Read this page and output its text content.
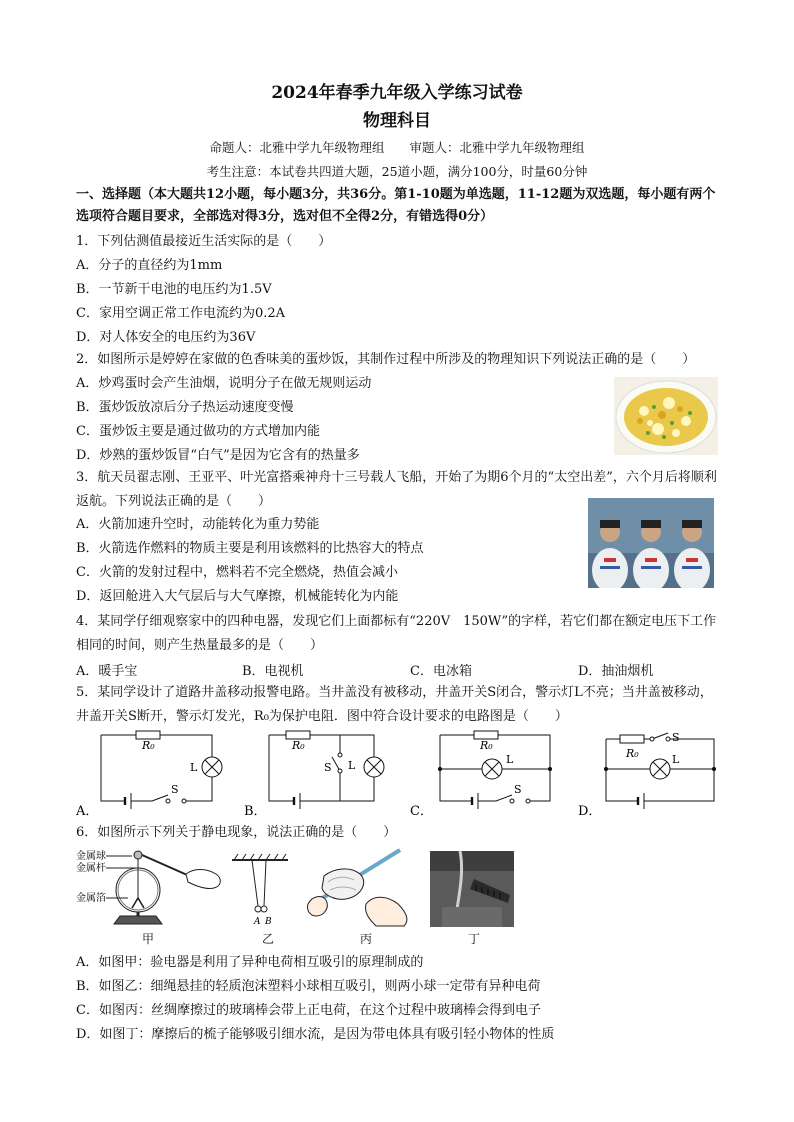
2024年春季九年级入学练习试卷
物理科目
命题人：北雅中学九年级物理组　　审题人：北雅中学九年级物理组
考生注意：本试卷共四道大题，25道小题，满分100分，时量60分钟
一、选择题（本大题共12小题，每小题3分，共36分。第1-10题为单选题，11-12题为双选题，每小题有两个选项符合题目要求，全部选对得3分，选对但不全得2分，有错选得0分）
1．下列估测值最接近生活实际的是（　　）
A．分子的直径约为1mm
B．一节新干电池的电压约为1.5V
C．家用空调正常工作电流约为0.2A
D．对人体安全的电压约为36V
2．如图所示是婷婷在家做的色香味美的蛋炒饭，其制作过程中所涉及的物理知识下列说法正确的是（　　）
A．炒鸡蛋时会产生油烟，说明分子在做无规则运动
B．蛋炒饭放凉后分子热运动速度变慢
C．蛋炒饭主要是通过做功的方式增加内能
D．炒熟的蛋炒饭冒“白气”是因为它含有的热量多
3．航天员翟志刚、王亚平、叶光富搭乘神舟十三号载人飞船，开始了为期6个月的“太空出差”，六个月后将顺利返航。下列说法正确的是（　　）
A．火箭加速升空时，动能转化为重力势能
B．火箭选作燃料的物质主要是利用该燃料的比热容大的特点
C．火箭的发射过程中，燃料若不完全燃烧，热值会减小
D．返回舱进入大气层后与大气摩擦，机械能转化为内能
4．某同学仔细观察家中的四种电器，发现它们上面都标有“220V　150W”的字样，若它们都在额定电压下工作相同的时间，则产生热量最多的是（　　）
A．暖手宝	B．电视机	C．电冰箱	D．抽油烟机
5．某同学设计了道路井盖移动报警电路。当井盖没有被移动，井盖开关S闭合，警示灯L不亮；当井盖被移动，井盖开关S断开，警示灯发光，R₀为保护电阻．图中符合设计要求的电路图是（　　）
R₀
L
S
A．
R₀
S L
B．
R₀
L
S
C．
R₀
S
L
D．
6．如图所示下列关于静电现象，说法正确的是（　　）
金属球
金属杆
金属箔
A B
甲	乙	丙	丁
A．如图甲：验电器是利用了异种电荷相互吸引的原理制成的
B．如图乙：细绳悬挂的轻质泡沫塑料小球相互吸引，则两小球一定带有异种电荷
C．如图丙：丝绸摩擦过的玻璃棒会带上正电荷，在这个过程中玻璃棒会得到电子
D．如图丁：摩擦后的梳子能够吸引细水流，是因为带电体具有吸引轻小物体的性质
